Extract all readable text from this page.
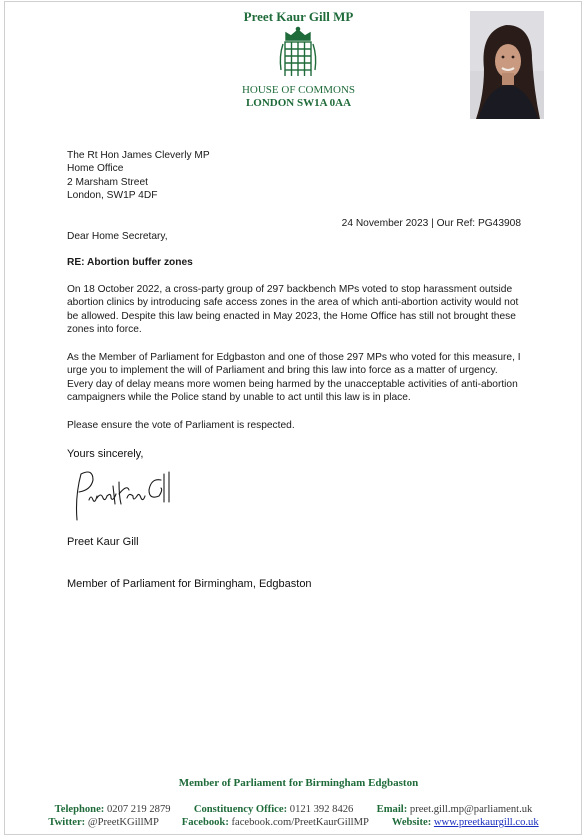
Preet Kaur Gill MP
HOUSE OF COMMONS
LONDON SW1A 0AA
The Rt Hon James Cleverly MP
Home Office
2 Marsham Street
London, SW1P 4DF
24 November 2023 | Our Ref: PG43908
Dear Home Secretary,
RE: Abortion buffer zones
On 18 October 2022, a cross-party group of 297 backbench MPs voted to stop harassment outside abortion clinics by introducing safe access zones in the area of which anti-abortion activity would not be allowed. Despite this law being enacted in May 2023, the Home Office has still not brought these zones into force.
As the Member of Parliament for Edgbaston and one of those 297 MPs who voted for this measure, I urge you to implement the will of Parliament and bring this law into force as a matter of urgency. Every day of delay means more women being harmed by the unacceptable activities of anti-abortion campaigners while the Police stand by unable to act until this law is in place.
Please ensure the vote of Parliament is respected.
Yours sincerely,
Preet Kaur Gill
Member of Parliament for Birmingham, Edgbaston
Member of Parliament for Birmingham Edgbaston
Telephone: 0207 219 2879 Constituency Office: 0121 392 8426 Email: preet.gill.mp@parliament.uk
Twitter: @PreetKGillMP Facebook: facebook.com/PreetKaurGillMP Website: www.preetkaurgill.co.uk
